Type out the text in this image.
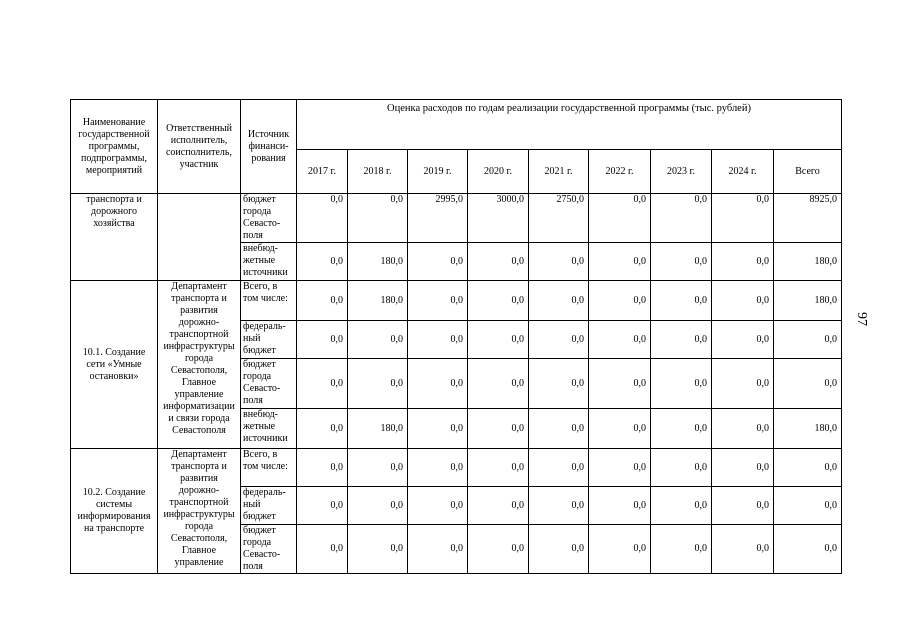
Наименование государственной программы, подпрограммы, мероприятий	Ответственный исполнитель, соисполнитель, участник	Источник финанси-рования	Оценка расходов по годам реализации государственной программы (тыс. рублей)								
			2017 г.	2018 г.	2019 г.	2020 г.	2021 г.	2022 г.	2023 г.	2024 г.	Всего
транспорта и дорожного хозяйства		бюджет города Севасто-поля	0,0	0,0	2995,0	3000,0	2750,0	0,0	0,0	0,0	8925,0
		внебюд-жетные источники	0,0	180,0	0,0	0,0	0,0	0,0	0,0	0,0	180,0
10.1. Создание сети «Умные остановки»	Департамент транспорта и развития дорожно-транспортной инфраструктуры города Севастополя, Главное управление информатизации и связи города Севастополя	Всего, в том числе:	0,0	180,0	0,0	0,0	0,0	0,0	0,0	0,0	180,0
		федераль-ный бюджет	0,0	0,0	0,0	0,0	0,0	0,0	0,0	0,0	0,0
		бюджет города Севасто-поля	0,0	0,0	0,0	0,0	0,0	0,0	0,0	0,0	0,0
		внебюд-жетные источники	0,0	180,0	0,0	0,0	0,0	0,0	0,0	0,0	180,0
10.2. Создание системы информирования на транспорте	Департамент транспорта и развития дорожно-транспортной инфраструктуры города Севастополя, Главное управление	Всего, в том числе:	0,0	0,0	0,0	0,0	0,0	0,0	0,0	0,0	0,0
		федераль-ный бюджет	0,0	0,0	0,0	0,0	0,0	0,0	0,0	0,0	0,0
		бюджет города Севасто-поля	0,0	0,0	0,0	0,0	0,0	0,0	0,0	0,0	0,0
97
